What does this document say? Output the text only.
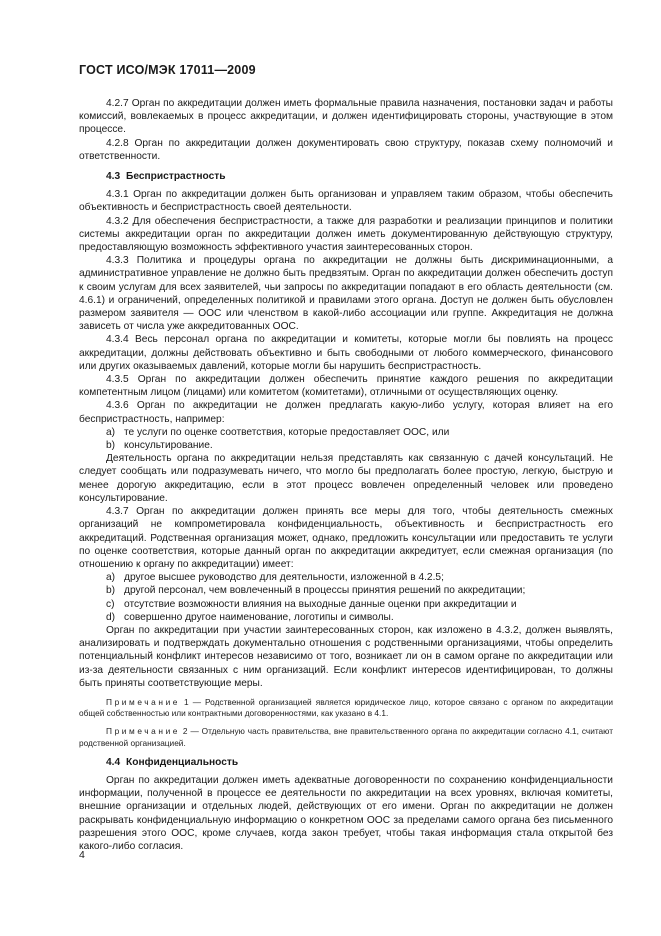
ГОСТ ИСО/МЭК 17011—2009

4.2.7 Орган по аккредитации должен иметь формальные правила назначения, постановки задач и работы комиссий, вовлекаемых в процесс аккредитации, и должен идентифицировать стороны, участвующие в этом процессе.

4.2.8 Орган по аккредитации должен документировать свою структуру, показав схему полномочий и ответственности.

4.3 Беспристрастность

4.3.1 Орган по аккредитации должен быть организован и управляем таким образом, чтобы обеспечить объективность и беспристрастность своей деятельности.

4.3.2 Для обеспечения беспристрастности, а также для разработки и реализации принципов и политики системы аккредитации орган по аккредитации должен иметь документированную действующую структуру, предоставляющую возможность эффективного участия заинтересованных сторон.

4.3.3 Политика и процедуры органа по аккредитации не должны быть дискриминационными, а административное управление не должно быть предвзятым. Орган по аккредитации должен обеспечить доступ к своим услугам для всех заявителей, чьи запросы по аккредитации попадают в его область деятельности (см. 4.6.1) и ограничений, определенных политикой и правилами этого органа. Доступ не должен быть обусловлен размером заявителя — ООС или членством в какой-либо ассоциации или группе. Аккредитация не должна зависеть от числа уже аккредитованных ООС.

4.3.4 Весь персонал органа по аккредитации и комитеты, которые могли бы повлиять на процесс аккредитации, должны действовать объективно и быть свободными от любого коммерческого, финансового или других оказываемых давлений, которые могли бы нарушить беспристрастность.

4.3.5 Орган по аккредитации должен обеспечить принятие каждого решения по аккредитации компетентным лицом (лицами) или комитетом (комитетами), отличными от осуществляющих оценку.

4.3.6 Орган по аккредитации не должен предлагать какую-либо услугу, которая влияет на его беспристрастность, например:

a) те услуги по оценке соответствия, которые предоставляет ООС, или

b) консультирование.

Деятельность органа по аккредитации нельзя представлять как связанную с дачей консультаций. Не следует сообщать или подразумевать ничего, что могло бы предполагать более простую, легкую, быструю и менее дорогую аккредитацию, если в этот процесс вовлечен определенный человек или проведено консультирование.

4.3.7 Орган по аккредитации должен принять все меры для того, чтобы деятельность смежных организаций не компрометировала конфиденциальность, объективность и беспристрастность его аккредитаций. Родственная организация может, однако, предложить консультации или предоставить те услуги по оценке соответствия, которые данный орган по аккредитации аккредитует, если смежная организация (по отношению к органу по аккредитации) имеет:

a) другое высшее руководство для деятельности, изложенной в 4.2.5;

b) другой персонал, чем вовлеченный в процессы принятия решений по аккредитации;

c) отсутствие возможности влияния на выходные данные оценки при аккредитации и

d) совершенно другое наименование, логотипы и символы.

Орган по аккредитации при участии заинтересованных сторон, как изложено в 4.3.2, должен выявлять, анализировать и подтверждать документально отношения с родственными организациями, чтобы определить потенциальный конфликт интересов независимо от того, возникает ли он в самом органе по аккредитации или из-за деятельности связанных с ним организаций. Если конфликт интересов идентифицирован, то должны быть приняты соответствующие меры.

Примечание 1 — Родственной организацией является юридическое лицо, которое связано с органом по аккредитации общей собственностью или контрактными договоренностями, как указано в 4.1.

Примечание 2 — Отдельную часть правительства, вне правительственного органа по аккредитации согласно 4.1, считают родственной организацией.

4.4 Конфиденциальность

Орган по аккредитации должен иметь адекватные договоренности по сохранению конфиденциальности информации, полученной в процессе ее деятельности по аккредитации на всех уровнях, включая комитеты, внешние организации и отдельных людей, действующих от его имени. Орган по аккредитации не должен раскрывать конфиденциальную информацию о конкретном ООС за пределами самого органа без письменного разрешения этого ООС, кроме случаев, когда закон требует, чтобы такая информация стала открытой без какого-либо согласия.

4
